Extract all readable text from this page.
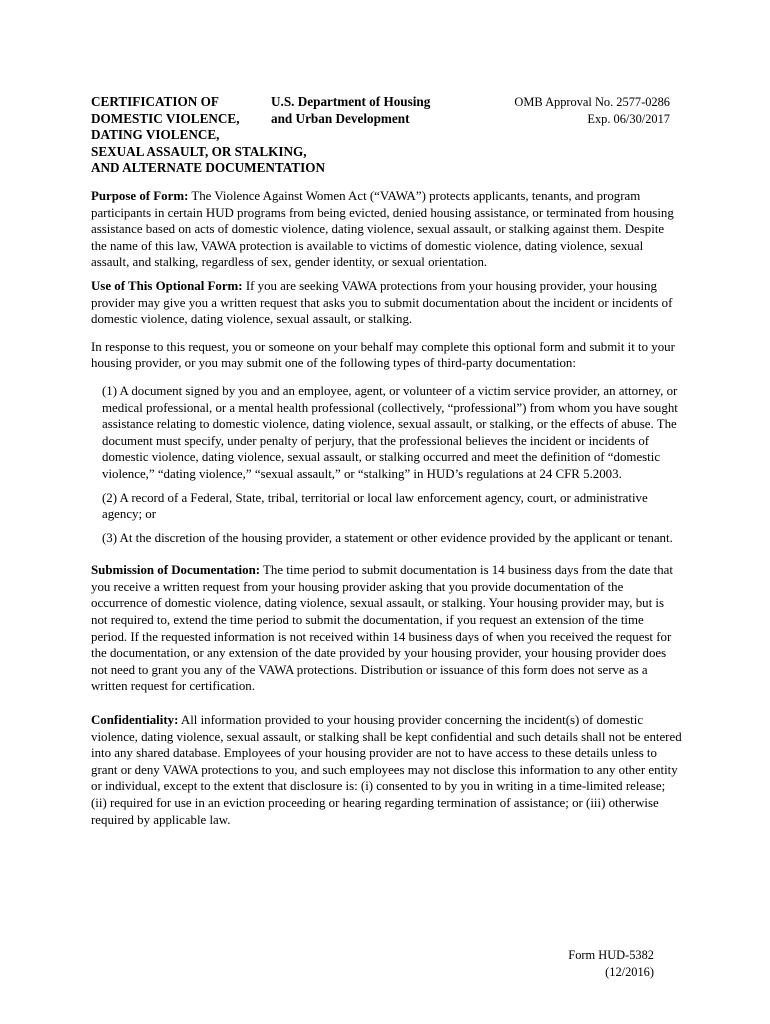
CERTIFICATION OF
DOMESTIC VIOLENCE,
DATING VIOLENCE,
SEXUAL ASSAULT, OR STALKING,
AND ALTERNATE DOCUMENTATION
U.S. Department of Housing
and Urban Development
OMB Approval No. 2577-0286
Exp. 06/30/2017

Purpose of Form: The Violence Against Women Act (“VAWA”) protects applicants, tenants, and program participants in certain HUD programs from being evicted, denied housing assistance, or terminated from housing assistance based on acts of domestic violence, dating violence, sexual assault, or stalking against them. Despite the name of this law, VAWA protection is available to victims of domestic violence, dating violence, sexual assault, and stalking, regardless of sex, gender identity, or sexual orientation.

Use of This Optional Form: If you are seeking VAWA protections from your housing provider, your housing provider may give you a written request that asks you to submit documentation about the incident or incidents of domestic violence, dating violence, sexual assault, or stalking.

In response to this request, you or someone on your behalf may complete this optional form and submit it to your housing provider, or you may submit one of the following types of third-party documentation:

(1) A document signed by you and an employee, agent, or volunteer of a victim service provider, an attorney, or medical professional, or a mental health professional (collectively, “professional”) from whom you have sought assistance relating to domestic violence, dating violence, sexual assault, or stalking, or the effects of abuse. The document must specify, under penalty of perjury, that the professional believes the incident or incidents of domestic violence, dating violence, sexual assault, or stalking occurred and meet the definition of “domestic violence,” “dating violence,” “sexual assault,” or “stalking” in HUD’s regulations at 24 CFR 5.2003.
(2) A record of a Federal, State, tribal, territorial or local law enforcement agency, court, or administrative agency; or
(3) At the discretion of the housing provider, a statement or other evidence provided by the applicant or tenant.

Submission of Documentation: The time period to submit documentation is 14 business days from the date that you receive a written request from your housing provider asking that you provide documentation of the occurrence of domestic violence, dating violence, sexual assault, or stalking. Your housing provider may, but is not required to, extend the time period to submit the documentation, if you request an extension of the time period. If the requested information is not received within 14 business days of when you received the request for the documentation, or any extension of the date provided by your housing provider, your housing provider does not need to grant you any of the VAWA protections. Distribution or issuance of this form does not serve as a written request for certification.

Confidentiality: All information provided to your housing provider concerning the incident(s) of domestic violence, dating violence, sexual assault, or stalking shall be kept confidential and such details shall not be entered into any shared database. Employees of your housing provider are not to have access to these details unless to grant or deny VAWA protections to you, and such employees may not disclose this information to any other entity or individual, except to the extent that disclosure is: (i) consented to by you in writing in a time-limited release; (ii) required for use in an eviction proceeding or hearing regarding termination of assistance; or (iii) otherwise required by applicable law.

Form HUD-5382
(12/2016)
